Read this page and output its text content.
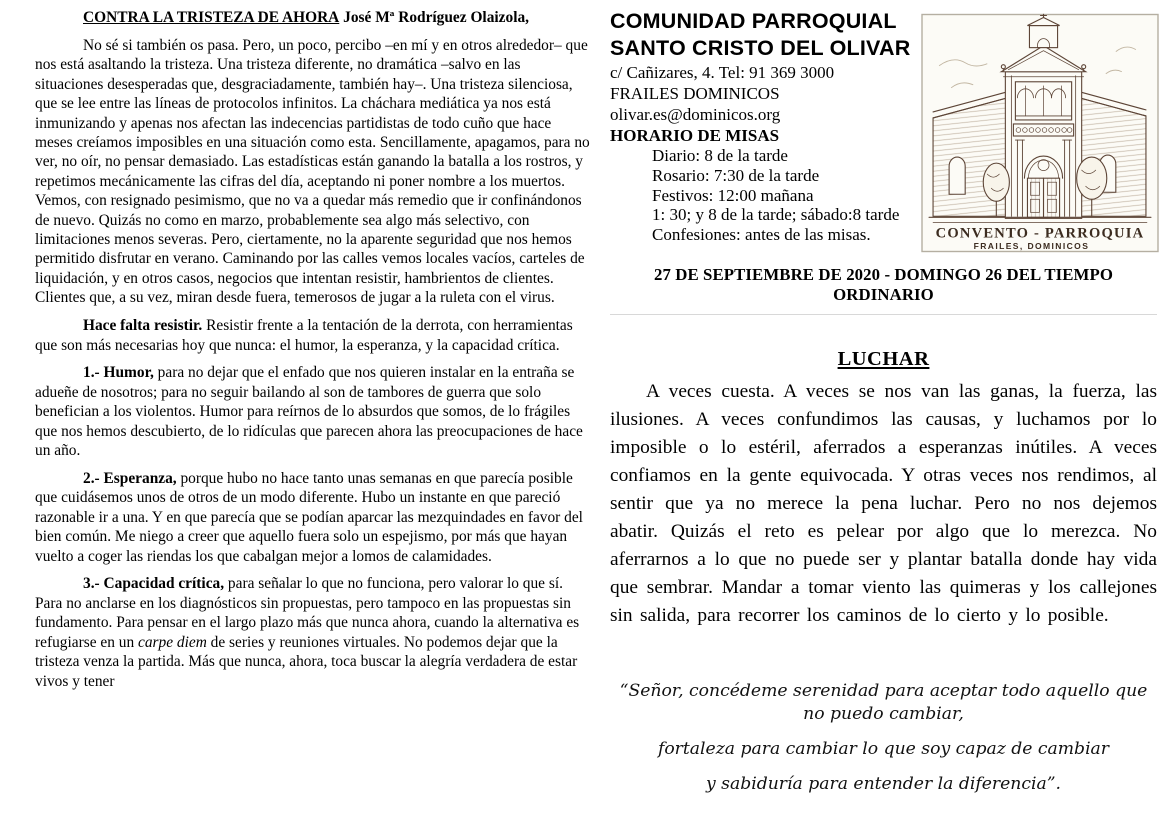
CONTRA LA TRISTEZA DE AHORA José Mª Rodríguez Olaizola,

No sé si también os pasa. Pero, un poco, percibo –en mí y en otros alrededor– que nos está asaltando la tristeza. Una tristeza diferente, no dramática –salvo en las situaciones desesperadas que, desgraciadamente, también hay–. Una tristeza silenciosa, que se lee entre las líneas de protocolos infinitos. La cháchara mediática ya nos está inmunizando y apenas nos afectan las indecencias partidistas de todo cuño que hace meses creíamos imposibles en una situación como esta. Sencillamente, apagamos, para no ver, no oír, no pensar demasiado. Las estadísticas están ganando la batalla a los rostros, y repetimos mecánicamente las cifras del día, aceptando ni poner nombre a los muertos. Vemos, con resignado pesimismo, que no va a quedar más remedio que ir confinándonos de nuevo. Quizás no como en marzo, probablemente sea algo más selectivo, con limitaciones menos severas. Pero, ciertamente, no la aparente seguridad que nos hemos permitido disfrutar en verano. Caminando por las calles vemos locales vacíos, carteles de liquidación, y en otros casos, negocios que intentan resistir, hambrientos de clientes. Clientes que, a su vez, miran desde fuera, temerosos de jugar a la ruleta con el virus.

Hace falta resistir. Resistir frente a la tentación de la derrota, con herramientas que son más necesarias hoy que nunca: el humor, la esperanza, y la capacidad crítica.

1.- Humor, para no dejar que el enfado que nos quieren instalar en la entraña se adueñe de nosotros; para no seguir bailando al son de tambores de guerra que solo benefician a los violentos. Humor para reírnos de lo absurdos que somos, de lo frágiles que nos hemos descubierto, de lo ridículas que parecen ahora las preocupaciones de hace un año.

2.- Esperanza, porque hubo no hace tanto unas semanas en que parecía posible que cuidásemos unos de otros de un modo diferente. Hubo un instante en que pareció razonable ir a una. Y en que parecía que se podían aparcar las mezquindades en favor del bien común. Me niego a creer que aquello fuera solo un espejismo, por más que hayan vuelto a coger las riendas los que cabalgan mejor a lomos de calamidades.

3.- Capacidad crítica, para señalar lo que no funciona, pero valorar lo que sí. Para no anclarse en los diagnósticos sin propuestas, pero tampoco en las propuestas sin fundamento. Para pensar en el largo plazo más que nunca ahora, cuando la alternativa es refugiarse en un carpe diem de series y reuniones virtuales. No podemos dejar que la tristeza venza la partida. Más que nunca, ahora, toca buscar la alegría verdadera de estar vivos y tener

COMUNIDAD PARROQUIAL
SANTO CRISTO DEL OLIVAR
c/ Cañizares, 4. Tel: 91 369 3000
FRAILES DOMINICOS
olivar.es@dominicos.org
HORARIO DE MISAS
Diario: 8 de la tarde
Rosario: 7:30 de la tarde
Festivos: 12:00 mañana
1: 30; y 8 de la tarde; sábado:8 tarde
Confesiones: antes de las misas.	CONVENTO - PARROQUIA
FRAILES, DOMINICOS
27 DE SEPTIEMBRE DE 2020 - DOMINGO 26 DEL TIEMPO ORDINARIO
LUCHAR

A veces cuesta. A veces se nos van las ganas, la fuerza, las ilusiones. A veces confundimos las causas, y luchamos por lo imposible o lo estéril, aferrados a esperanzas inútiles. A veces confiamos en la gente equivocada. Y otras veces nos rendimos, al sentir que ya no merece la pena luchar. Pero no nos dejemos abatir. Quizás el reto es pelear por algo que lo merezca. No aferrarnos a lo que no puede ser y plantar batalla donde hay vida que sembrar. Mandar a tomar viento las quimeras y los callejones sin salida, para recorrer los caminos de lo cierto y lo posible.

“Señor, concédeme serenidad para aceptar todo aquello que no puedo cambiar,

fortaleza para cambiar lo que soy capaz de cambiar

y sabiduría para entender la diferencia”.
